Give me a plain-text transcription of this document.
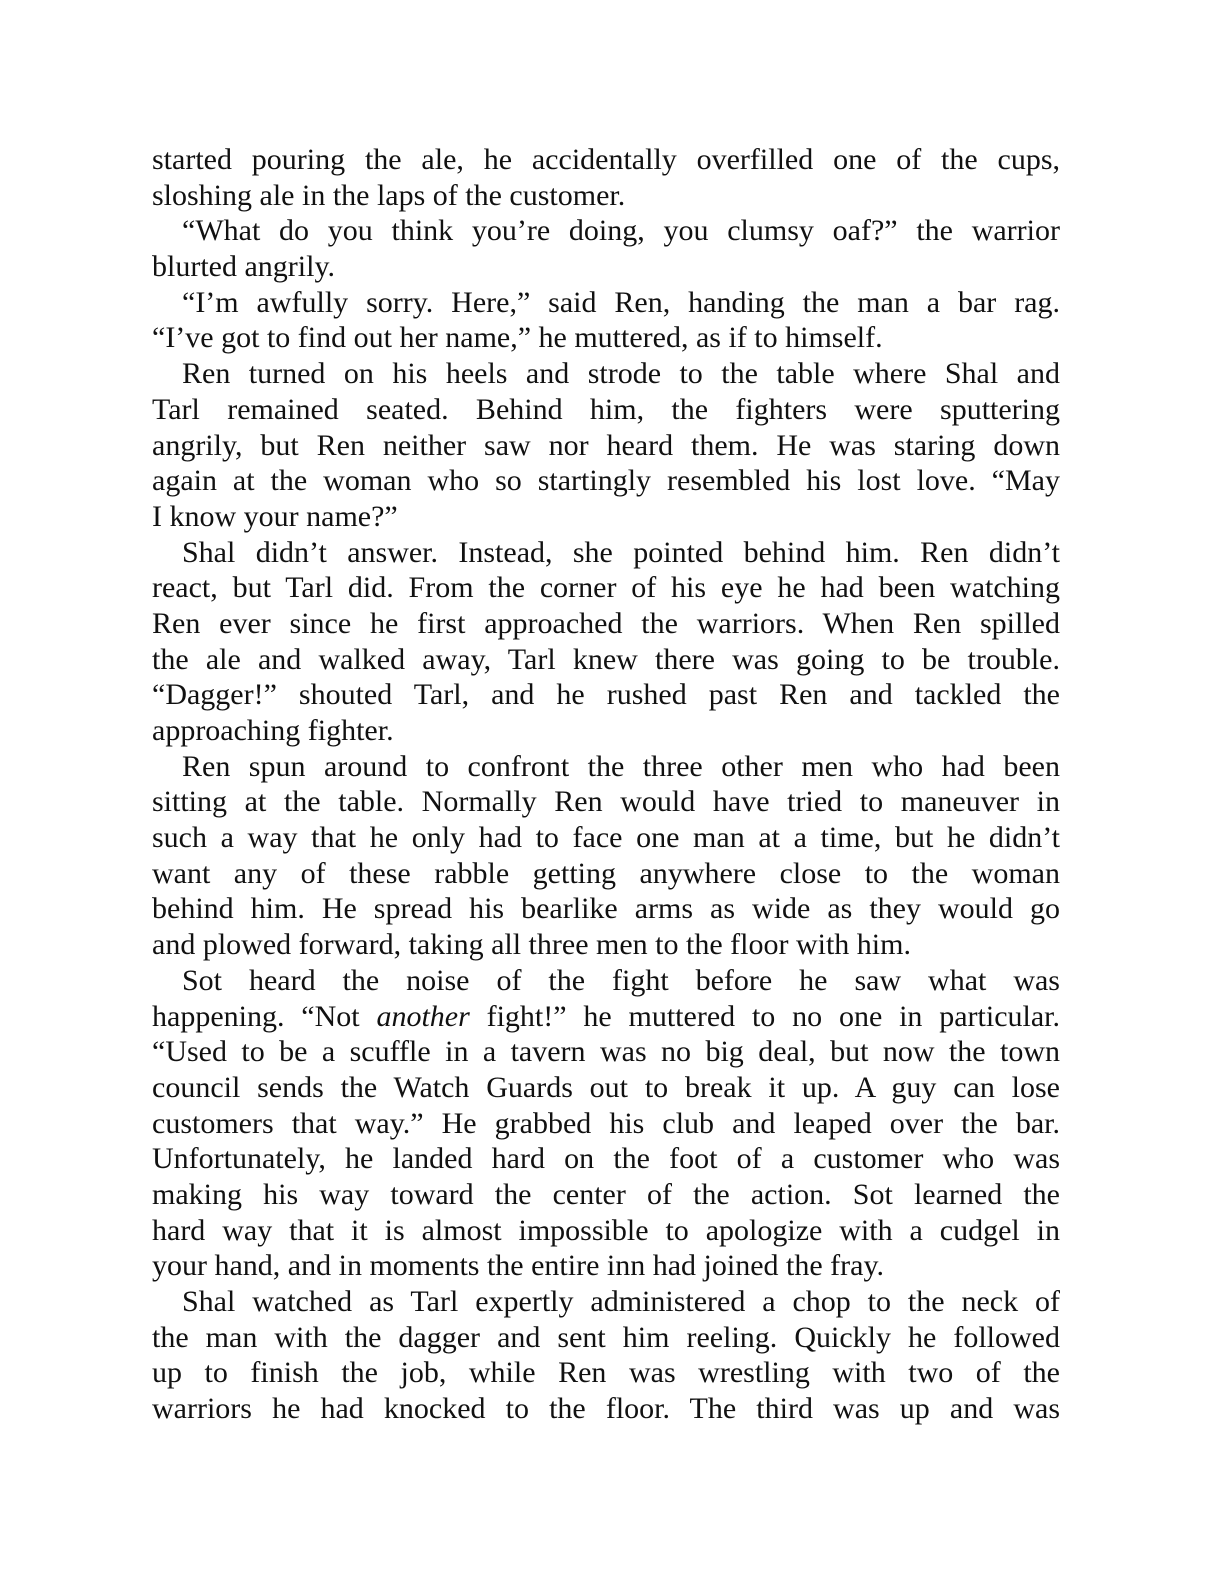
started pouring the ale, he accidentally overfilled one of the cups,
sloshing ale in the laps of the customer.
“What do you think you’re doing, you clumsy oaf?” the warrior
blurted angrily.
“I’m awfully sorry. Here,” said Ren, handing the man a bar rag.
“I’ve got to find out her name,” he muttered, as if to himself.
Ren turned on his heels and strode to the table where Shal and
Tarl remained seated. Behind him, the fighters were sputtering
angrily, but Ren neither saw nor heard them. He was staring down
again at the woman who so startingly resembled his lost love. “May
I know your name?”
Shal didn’t answer. Instead, she pointed behind him. Ren didn’t
react, but Tarl did. From the corner of his eye he had been watching
Ren ever since he first approached the warriors. When Ren spilled
the ale and walked away, Tarl knew there was going to be trouble.
“Dagger!” shouted Tarl, and he rushed past Ren and tackled the
approaching fighter.
Ren spun around to confront the three other men who had been
sitting at the table. Normally Ren would have tried to maneuver in
such a way that he only had to face one man at a time, but he didn’t
want any of these rabble getting anywhere close to the woman
behind him. He spread his bearlike arms as wide as they would go
and plowed forward, taking all three men to the floor with him.
Sot heard the noise of the fight before he saw what was
happening. “Not another fight!” he muttered to no one in particular.
“Used to be a scuffle in a tavern was no big deal, but now the town
council sends the Watch Guards out to break it up. A guy can lose
customers that way.” He grabbed his club and leaped over the bar.
Unfortunately, he landed hard on the foot of a customer who was
making his way toward the center of the action. Sot learned the
hard way that it is almost impossible to apologize with a cudgel in
your hand, and in moments the entire inn had joined the fray.
Shal watched as Tarl expertly administered a chop to the neck of
the man with the dagger and sent him reeling. Quickly he followed
up to finish the job, while Ren was wrestling with two of the
warriors he had knocked to the floor. The third was up and was
